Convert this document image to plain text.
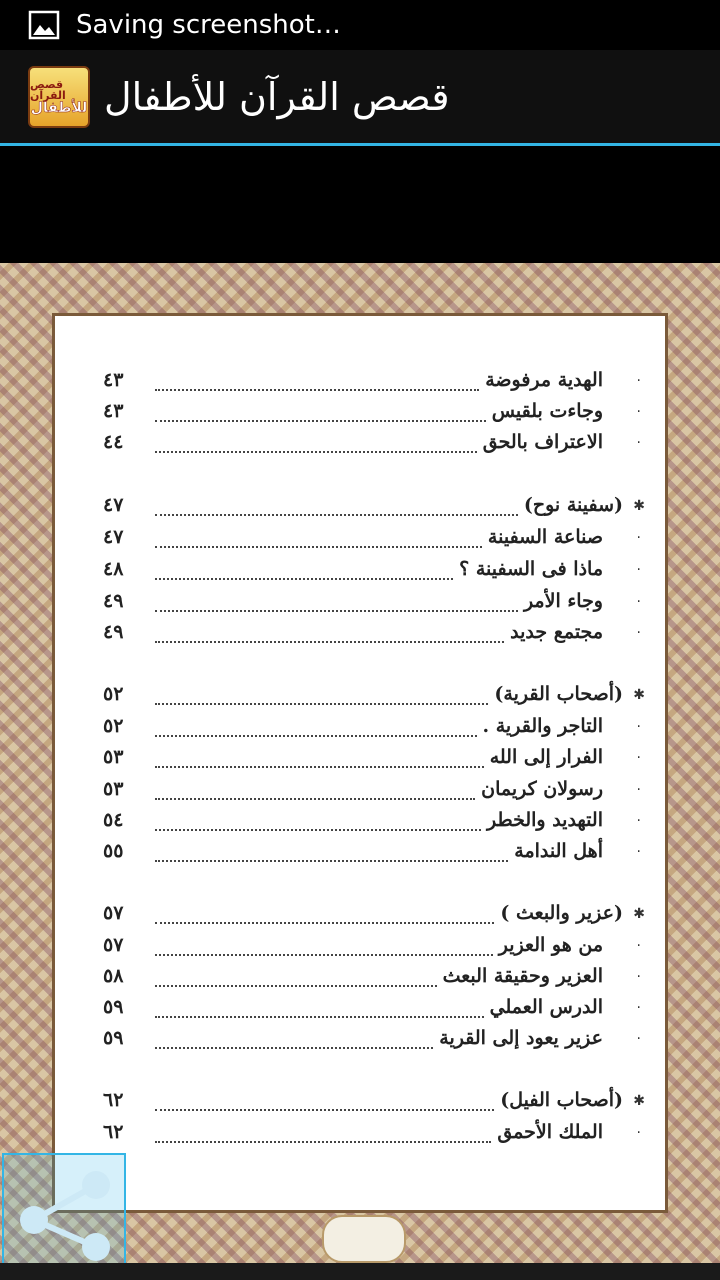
Saving screenshot…
قصص القرآن
للأطفال قصص القرآن للأطفال
·
الهدية مرفوضة
٤٣
·
وجاءت بلقيس
٤٣
·
الاعتراف بالحق
٤٤
✱
(سفينة نوح)
٤٧
·
صناعة السفينة
٤٧
·
ماذا فى السفينة ؟
٤٨
·
وجاء الأمر
٤٩
·
مجتمع جديد
٤٩
✱
(أصحاب القرية)
٥٢
·
التاجر والقرية .
٥٢
·
الفرار إلى الله
٥٣
·
رسولان كريمان
٥٣
·
التهديد والخطر
٥٤
·
أهل الندامة
٥٥
✱
(عزير والبعث )
٥٧
·
من هو العزير
٥٧
·
العزير وحقيقة البعث
٥٨
·
الدرس العملي
٥٩
·
عزير يعود إلى القرية
٥٩
✱
(أصحاب الفيل)
٦٢
·
الملك الأحمق
٦٢
